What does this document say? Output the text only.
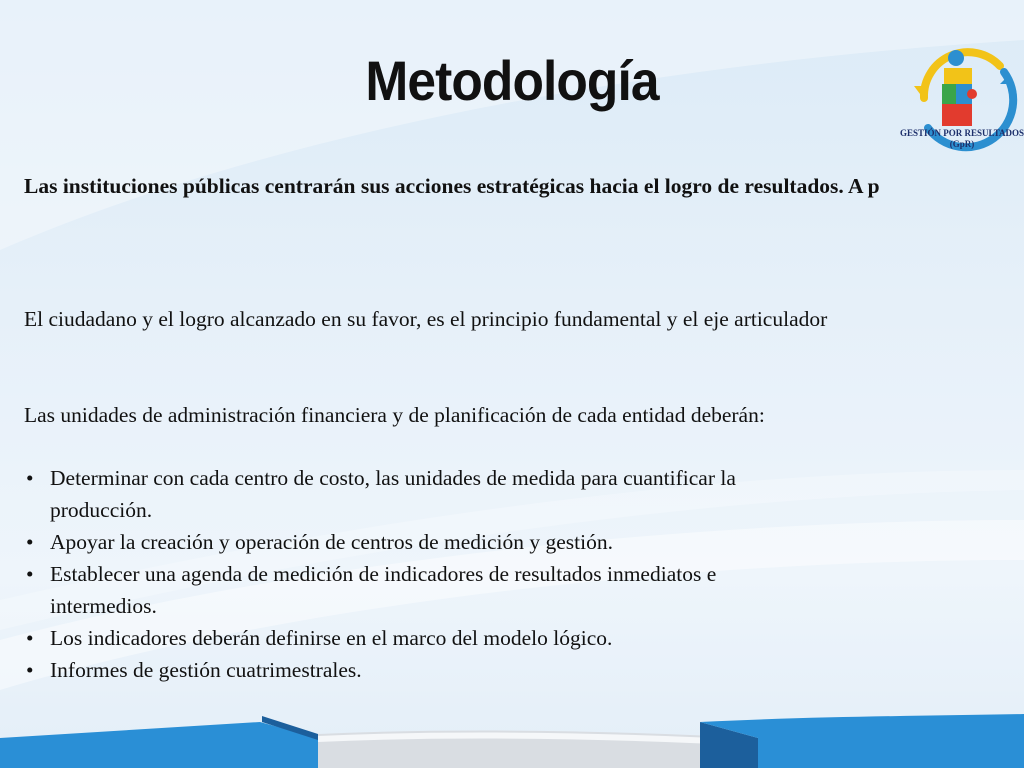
Metodología
GESTIÓN POR RESULTADOS
(GpR)

Las instituciones públicas centrarán sus acciones estratégicas hacia el logro de resultados. A p

El ciudadano y el logro alcanzado en su favor, es el principio fundamental y el eje articulador

Las unidades de administración financiera y de planificación de cada entidad deberán:

• Determinar con cada centro de costo, las unidades de medida para cuantificar la
producción.
• Apoyar la creación y operación de centros de medición y gestión.
• Establecer una agenda de medición de indicadores de resultados inmediatos e
intermedios.
• Los indicadores deberán definirse en el marco del modelo lógico.
• Informes de gestión cuatrimestrales.
